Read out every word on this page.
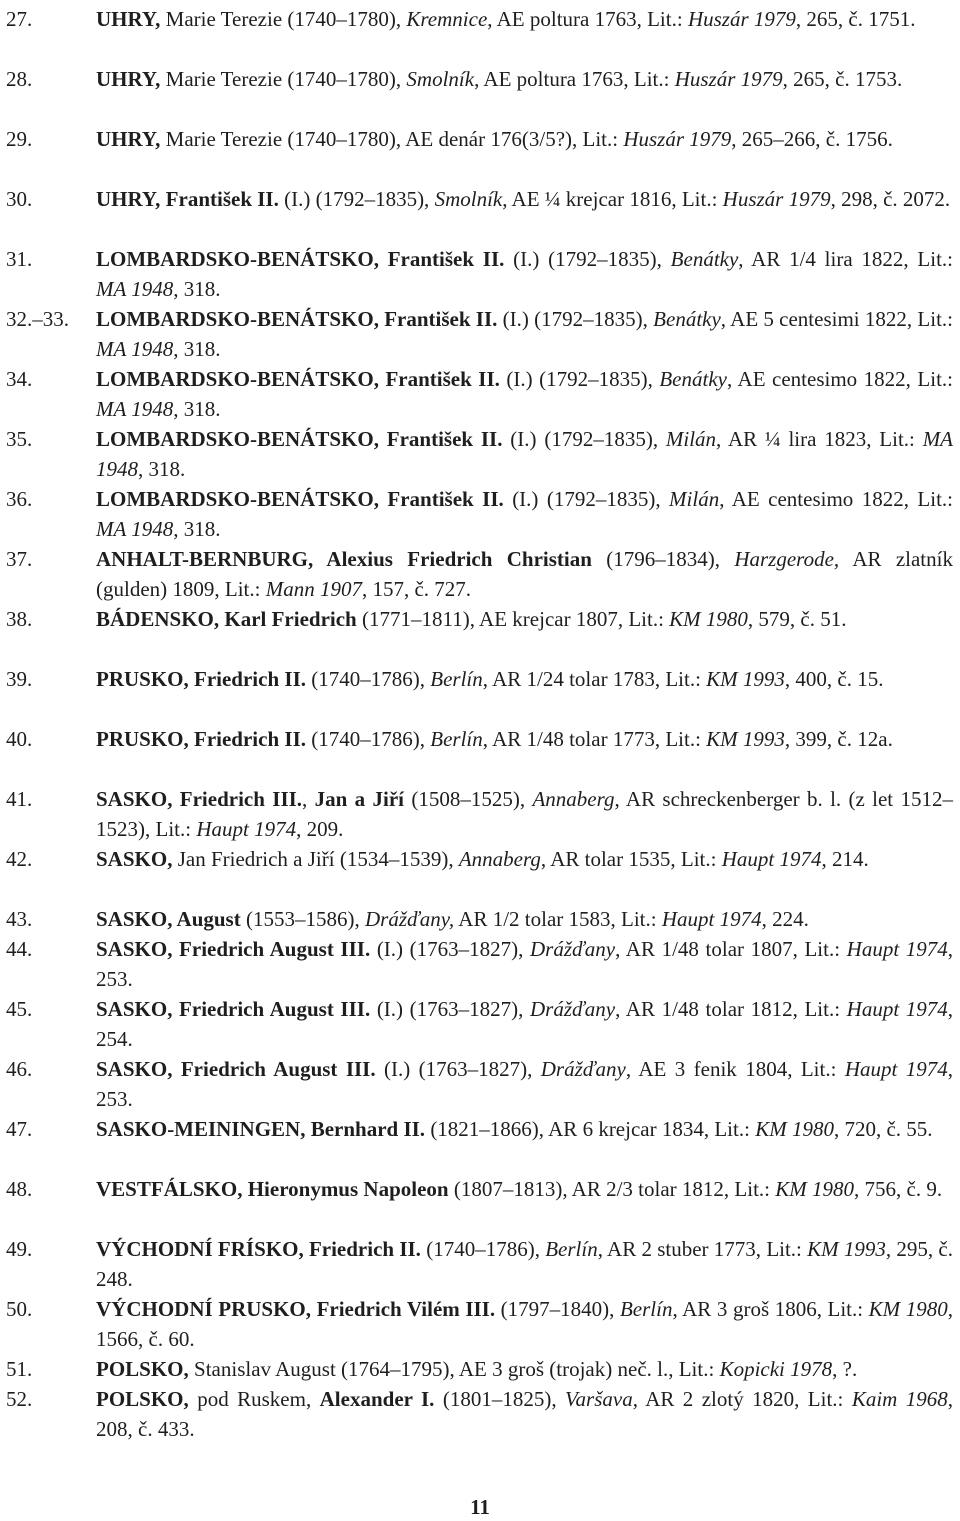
27.	UHRY, Marie Terezie (1740–1780), Kremnice, AE poltura 1763, Lit.: Huszár 1979, 265, č. 1751.
28.	UHRY, Marie Terezie (1740–1780), Smolník, AE poltura 1763, Lit.: Huszár 1979, 265, č. 1753.
29.	UHRY, Marie Terezie (1740–1780), AE denár 176(3/5?), Lit.: Huszár 1979, 265–266, č. 1756.
30.	UHRY, František II. (I.) (1792–1835), Smolník, AE ¼ krejcar 1816, Lit.: Huszár 1979, 298, č. 2072.
31.	LOMBARDSKO-BENÁTSKO, František II. (I.) (1792–1835), Benátky, AR 1/4 lira 1822, Lit.: MA 1948, 318.
32.–33. LOMBARDSKO-BENÁTSKO, František II. (I.) (1792–1835), Benátky, AE 5 centesimi 1822, Lit.: MA 1948, 318.
34.	LOMBARDSKO-BENÁTSKO, František II. (I.) (1792–1835), Benátky, AE centesimo 1822, Lit.: MA 1948, 318.
35.	LOMBARDSKO-BENÁTSKO, František II. (I.) (1792–1835), Milán, AR ¼ lira 1823, Lit.: MA 1948, 318.
36.	LOMBARDSKO-BENÁTSKO, František II. (I.) (1792–1835), Milán, AE centesimo 1822, Lit.: MA 1948, 318.
37.	ANHALT-BERNBURG, Alexius Friedrich Christian (1796–1834), Harzgerode, AR zlatník (gulden) 1809, Lit.: Mann 1907, 157, č. 727.
38.	BÁDENSKO, Karl Friedrich (1771–1811), AE krejcar 1807, Lit.: KM 1980, 579, č. 51.
39.	PRUSKO, Friedrich II. (1740–1786), Berlín, AR 1/24 tolar 1783, Lit.: KM 1993, 400, č. 15.
40.	PRUSKO, Friedrich II. (1740–1786), Berlín, AR 1/48 tolar 1773, Lit.: KM 1993, 399, č. 12a.
41.	SASKO, Friedrich III., Jan a Jiří (1508–1525), Annaberg, AR schreckenberger b. l. (z let 1512–1523), Lit.: Haupt 1974, 209.
42.	SASKO, Jan Friedrich a Jiří (1534–1539), Annaberg, AR tolar 1535, Lit.: Haupt 1974, 214.
43.	SASKO, August (1553–1586), Drážďany, AR 1/2 tolar 1583, Lit.: Haupt 1974, 224.
44.	SASKO, Friedrich August III. (I.) (1763–1827), Drážďany, AR 1/48 tolar 1807, Lit.: Haupt 1974, 253.
45.	SASKO, Friedrich August III. (I.) (1763–1827), Drážďany, AR 1/48 tolar 1812, Lit.: Haupt 1974, 254.
46.	SASKO, Friedrich August III. (I.) (1763–1827), Drážďany, AE 3 fenik 1804, Lit.: Haupt 1974, 253.
47.	SASKO-MEININGEN, Bernhard II. (1821–1866), AR 6 krejcar 1834, Lit.: KM 1980, 720, č. 55.
48.	VESTFÁLSKO, Hieronymus Napoleon (1807–1813), AR 2/3 tolar 1812, Lit.: KM 1980, 756, č. 9.
49.	VÝCHODNÍ FRÍSKO, Friedrich II. (1740–1786), Berlín, AR 2 stuber 1773, Lit.: KM 1993, 295, č. 248.
50.	VÝCHODNÍ PRUSKO, Friedrich Vilém III. (1797–1840), Berlín, AR 3 groš 1806, Lit.: KM 1980, 1566, č. 60.
51.	POLSKO, Stanislav August (1764–1795), AE 3 groš (trojak) neč. l., Lit.: Kopicki 1978, ?.
52.	POLSKO, pod Ruskem, Alexander I. (1801–1825), Varšava, AR 2 zlotý 1820, Lit.: Kaim 1968, 208, č. 433.
11
